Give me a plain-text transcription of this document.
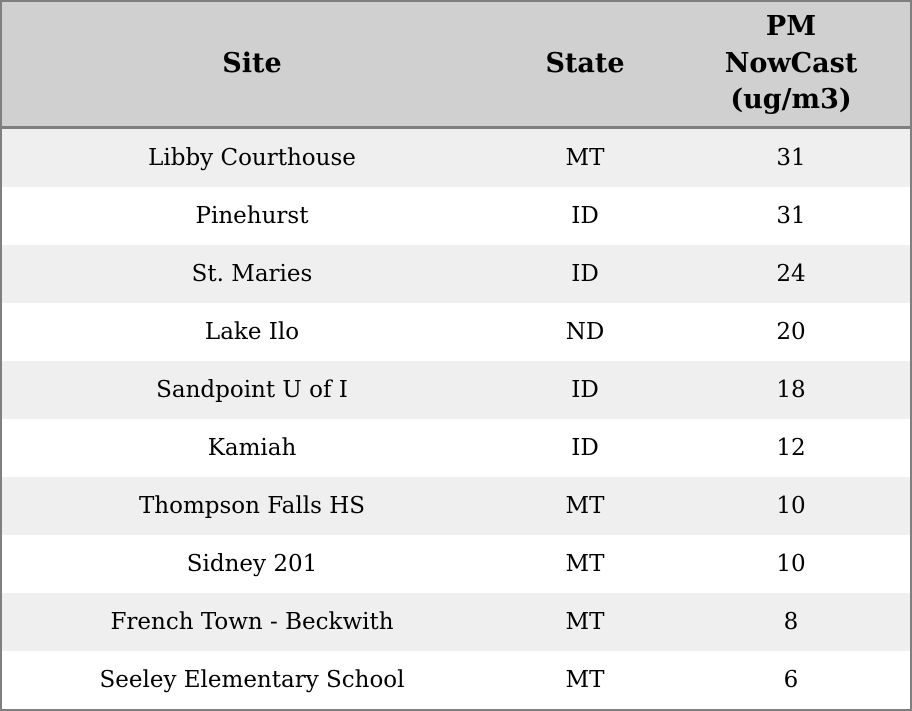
Site	State	PM NowCast (ug/m3)
Libby Courthouse	MT	31
Pinehurst	ID	31
St. Maries	ID	24
Lake Ilo	ND	20
Sandpoint U of I	ID	18
Kamiah	ID	12
Thompson Falls HS	MT	10
Sidney 201	MT	10
French Town - Beckwith	MT	8
Seeley Elementary School	MT	6
